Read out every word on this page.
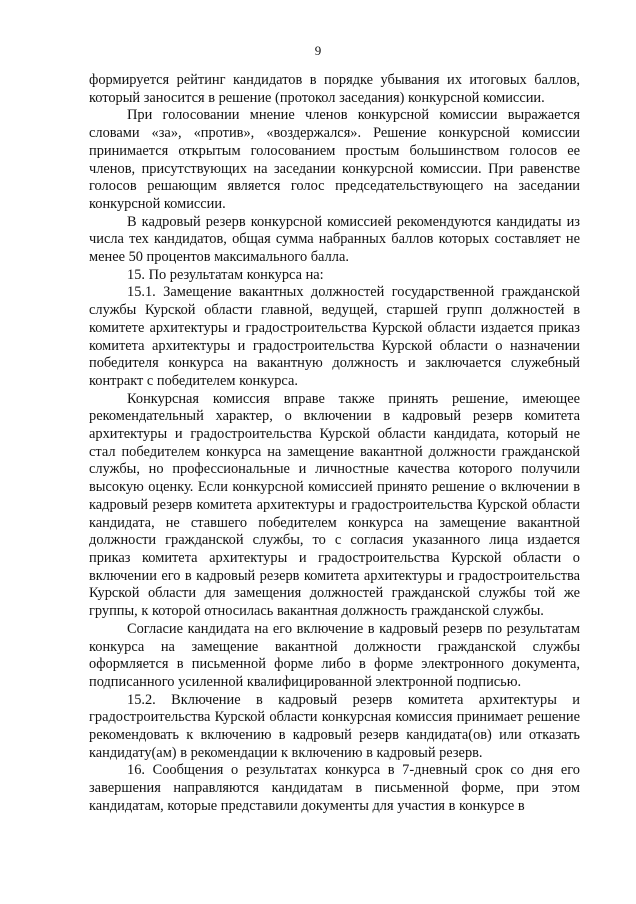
9

формируется рейтинг кандидатов в порядке убывания их итоговых баллов, который заносится в решение (протокол заседания) конкурсной комиссии.

При голосовании мнение членов конкурсной комиссии выражается словами «за», «против», «воздержался». Решение конкурсной комиссии принимается открытым голосованием простым большинством голосов ее членов, присутствующих на заседании конкурсной комиссии. При равенстве голосов решающим является голос председательствующего на заседании конкурсной комиссии.

В кадровый резерв конкурсной комиссией рекомендуются кандидаты из числа тех кандидатов, общая сумма набранных баллов которых составляет не менее 50 процентов максимального балла.

15. По результатам конкурса на:

15.1. Замещение вакантных должностей государственной гражданской службы Курской области главной, ведущей, старшей групп должностей в комитете архитектуры и градостроительства Курской области издается приказ комитета архитектуры и градостроительства Курской области о назначении победителя конкурса на вакантную должность и заключается служебный контракт с победителем конкурса.

Конкурсная комиссия вправе также принять решение, имеющее рекомендательный характер, о включении в кадровый резерв комитета архитектуры и градостроительства Курской области кандидата, который не стал победителем конкурса на замещение вакантной должности гражданской службы, но профессиональные и личностные качества которого получили высокую оценку. Если конкурсной комиссией принято решение о включении в кадровый резерв комитета архитектуры и градостроительства Курской области кандидата, не ставшего победителем конкурса на замещение вакантной должности гражданской службы, то с согласия указанного лица издается приказ комитета архитектуры и градостроительства Курской области о включении его в кадровый резерв комитета архитектуры и градостроительства Курской области для замещения должностей гражданской службы той же группы, к которой относилась вакантная должность гражданской службы.

Согласие кандидата на его включение в кадровый резерв по результатам конкурса на замещение вакантной должности гражданской службы оформляется в письменной форме либо в форме электронного документа, подписанного усиленной квалифицированной электронной подписью.

15.2. Включение в кадровый резерв комитета архитектуры и градостроительства Курской области конкурсная комиссия принимает решение рекомендовать к включению в кадровый резерв кандидата(ов) или отказать кандидату(ам) в рекомендации к включению в кадровый резерв.

16. Сообщения о результатах конкурса в 7-дневный срок со дня его завершения направляются кандидатам в письменной форме, при этом кандидатам, которые представили документы для участия в конкурсе в
